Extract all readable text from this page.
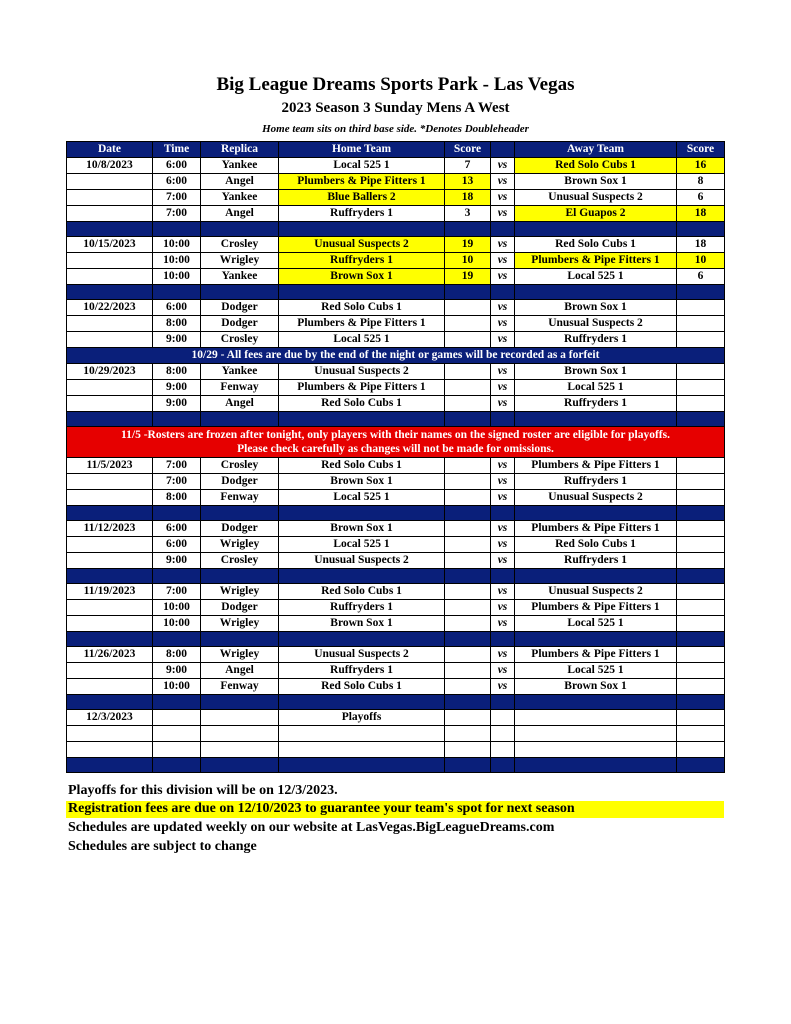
Big League Dreams Sports Park - Las Vegas
2023 Season 3 Sunday Mens A West
Home team sits on third base side. *Denotes Doubleheader
Date	Time	Replica	Home Team	Score		Away Team	Score
10/8/2023	6:00	Yankee	Local 525 1	7	vs	Red Solo Cubs 1	16
	6:00	Angel	Plumbers & Pipe Fitters 1	13	vs	Brown Sox 1	8
	7:00	Yankee	Blue Ballers 2	18	vs	Unusual Suspects 2	6
	7:00	Angel	Ruffryders 1	3	vs	El Guapos 2	18

10/15/2023	10:00	Crosley	Unusual Suspects 2	19	vs	Red Solo Cubs 1	18
	10:00	Wrigley	Ruffryders 1	10	vs	Plumbers & Pipe Fitters 1	10
	10:00	Yankee	Brown Sox 1	19	vs	Local 525 1	6

10/22/2023	6:00	Dodger	Red Solo Cubs 1		vs	Brown Sox 1	
	8:00	Dodger	Plumbers & Pipe Fitters 1		vs	Unusual Suspects 2	
	9:00	Crosley	Local 525 1		vs	Ruffryders 1	
10/29 - All fees are due by the end of the night or games will be recorded as a forfeit							
10/29/2023	8:00	Yankee	Unusual Suspects 2		vs	Brown Sox 1	
	9:00	Fenway	Plumbers & Pipe Fitters 1		vs	Local 525 1	
	9:00	Angel	Red Solo Cubs 1		vs	Ruffryders 1	

11/5 -Rosters are frozen after tonight, only players with their names on the signed roster are eligible for playoffs.
Please check carefully as changes will not be made for omissions.							

11/5/2023	7:00	Crosley	Red Solo Cubs 1		vs	Plumbers & Pipe Fitters 1	
	7:00	Dodger	Brown Sox 1		vs	Ruffryders 1	
	8:00	Fenway	Local 525 1		vs	Unusual Suspects 2	

11/12/2023	6:00	Dodger	Brown Sox 1		vs	Plumbers & Pipe Fitters 1	
	6:00	Wrigley	Local 525 1		vs	Red Solo Cubs 1	
	9:00	Crosley	Unusual Suspects 2		vs	Ruffryders 1	

11/19/2023	7:00	Wrigley	Red Solo Cubs 1		vs	Unusual Suspects 2	
	10:00	Dodger	Ruffryders 1		vs	Plumbers & Pipe Fitters 1	
	10:00	Wrigley	Brown Sox 1		vs	Local 525 1	

11/26/2023	8:00	Wrigley	Unusual Suspects 2		vs	Plumbers & Pipe Fitters 1	
	9:00	Angel	Ruffryders 1		vs	Local 525 1	
	10:00	Fenway	Red Solo Cubs 1		vs	Brown Sox 1	

12/3/2023			Playoffs				

Playoffs for this division will be on 12/3/2023.
Registration fees are due on 12/10/2023 to guarantee your team's spot for next season
Schedules are updated weekly on our website at LasVegas.BigLeagueDreams.com
Schedules are subject to change
